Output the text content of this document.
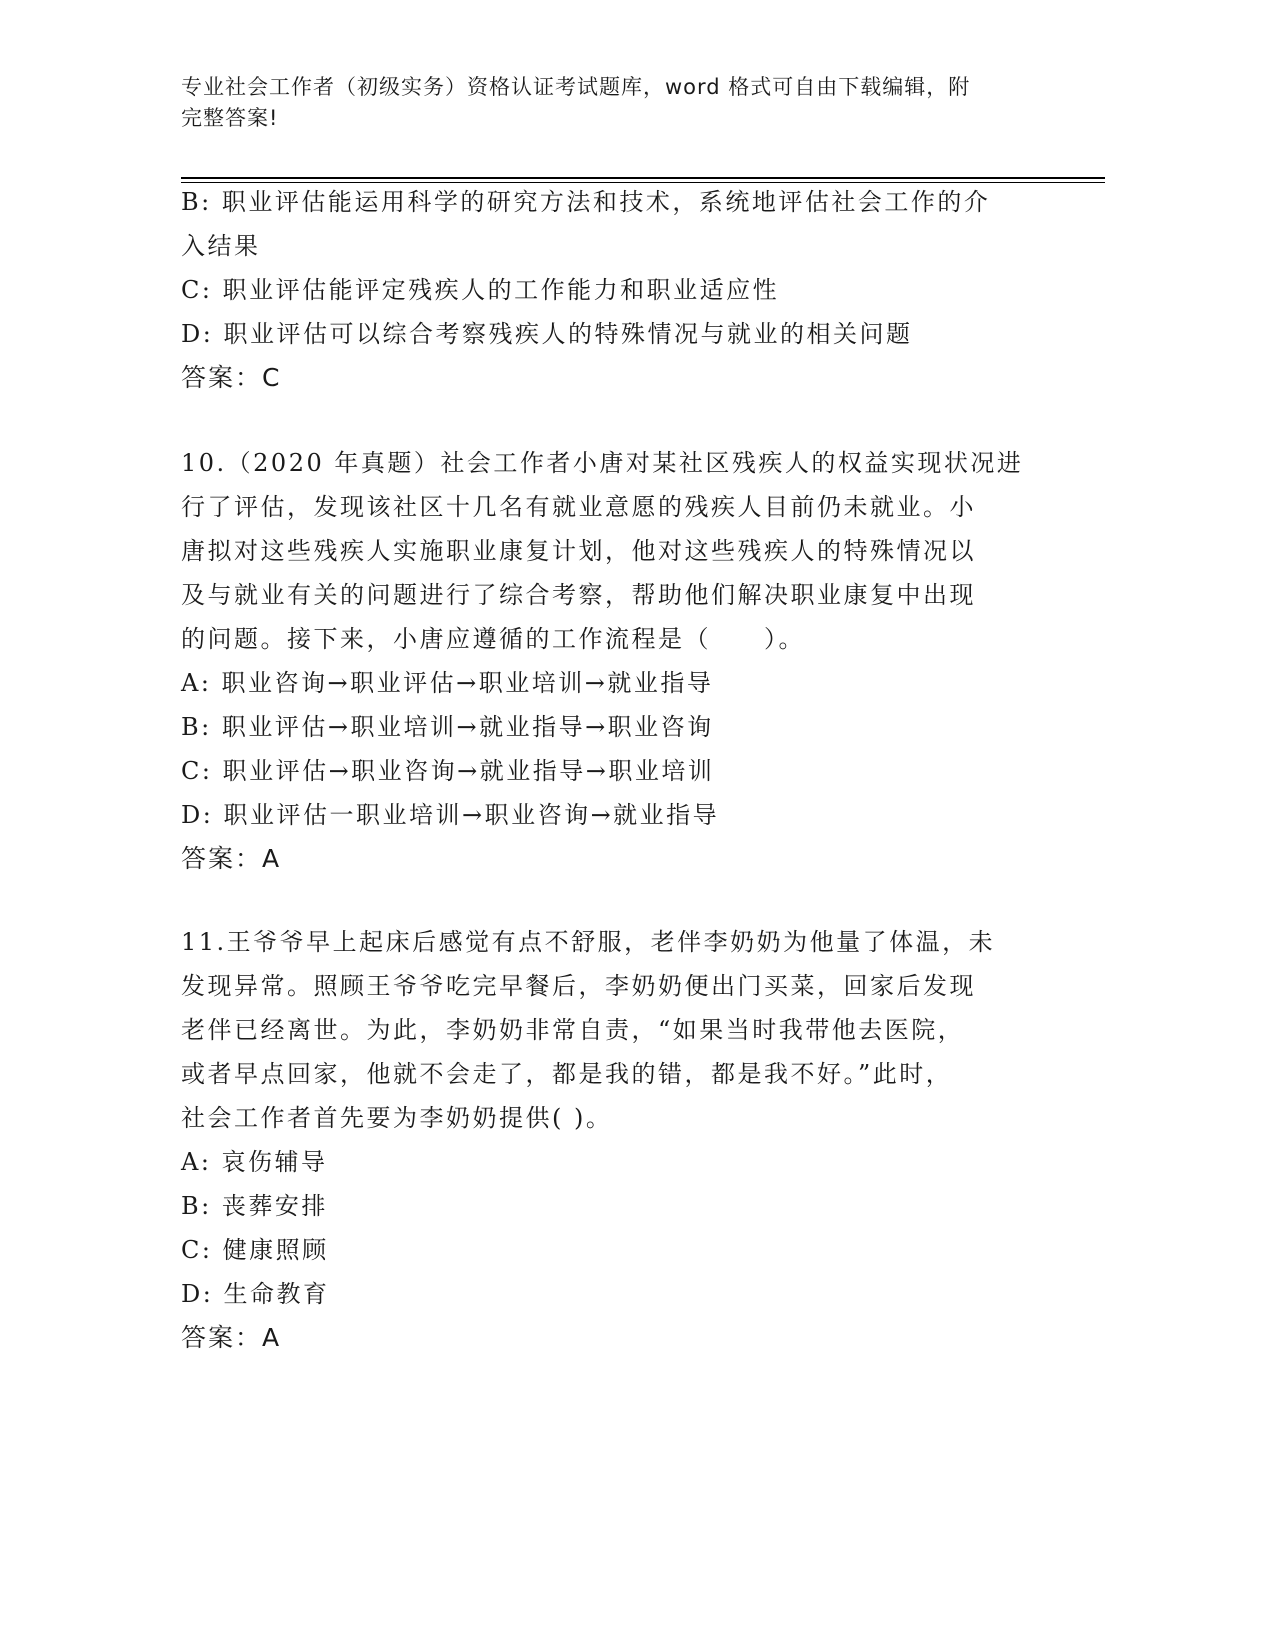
专业社会工作者（初级实务）资格认证考试题库，word 格式可自由下载编辑，附
完整答案!
B: 职业评估能运用科学的研究方法和技术，系统地评估社会工作的介
入结果
C: 职业评估能评定残疾人的工作能力和职业适应性
D: 职业评估可以综合考察残疾人的特殊情况与就业的相关问题
答案：C
10.（2020 年真题）社会工作者小唐对某社区残疾人的权益实现状况进
行了评估，发现该社区十几名有就业意愿的残疾人目前仍未就业。小
唐拟对这些残疾人实施职业康复计划，他对这些残疾人的特殊情况以
及与就业有关的问题进行了综合考察，帮助他们解决职业康复中出现
的问题。接下来，小唐应遵循的工作流程是（　　）。
A: 职业咨询→职业评估→职业培训→就业指导
B: 职业评估→职业培训→就业指导→职业咨询
C: 职业评估→职业咨询→就业指导→职业培训
D: 职业评估一职业培训→职业咨询→就业指导
答案：A
11.王爷爷早上起床后感觉有点不舒服，老伴李奶奶为他量了体温，未
发现异常。照顾王爷爷吃完早餐后，李奶奶便出门买菜，回家后发现
老伴已经离世。为此，李奶奶非常自责，“如果当时我带他去医院，
或者早点回家，他就不会走了，都是我的错，都是我不好。”此时，
社会工作者首先要为李奶奶提供( )。
A: 哀伤辅导
B: 丧葬安排
C: 健康照顾
D: 生命教育
答案：A
